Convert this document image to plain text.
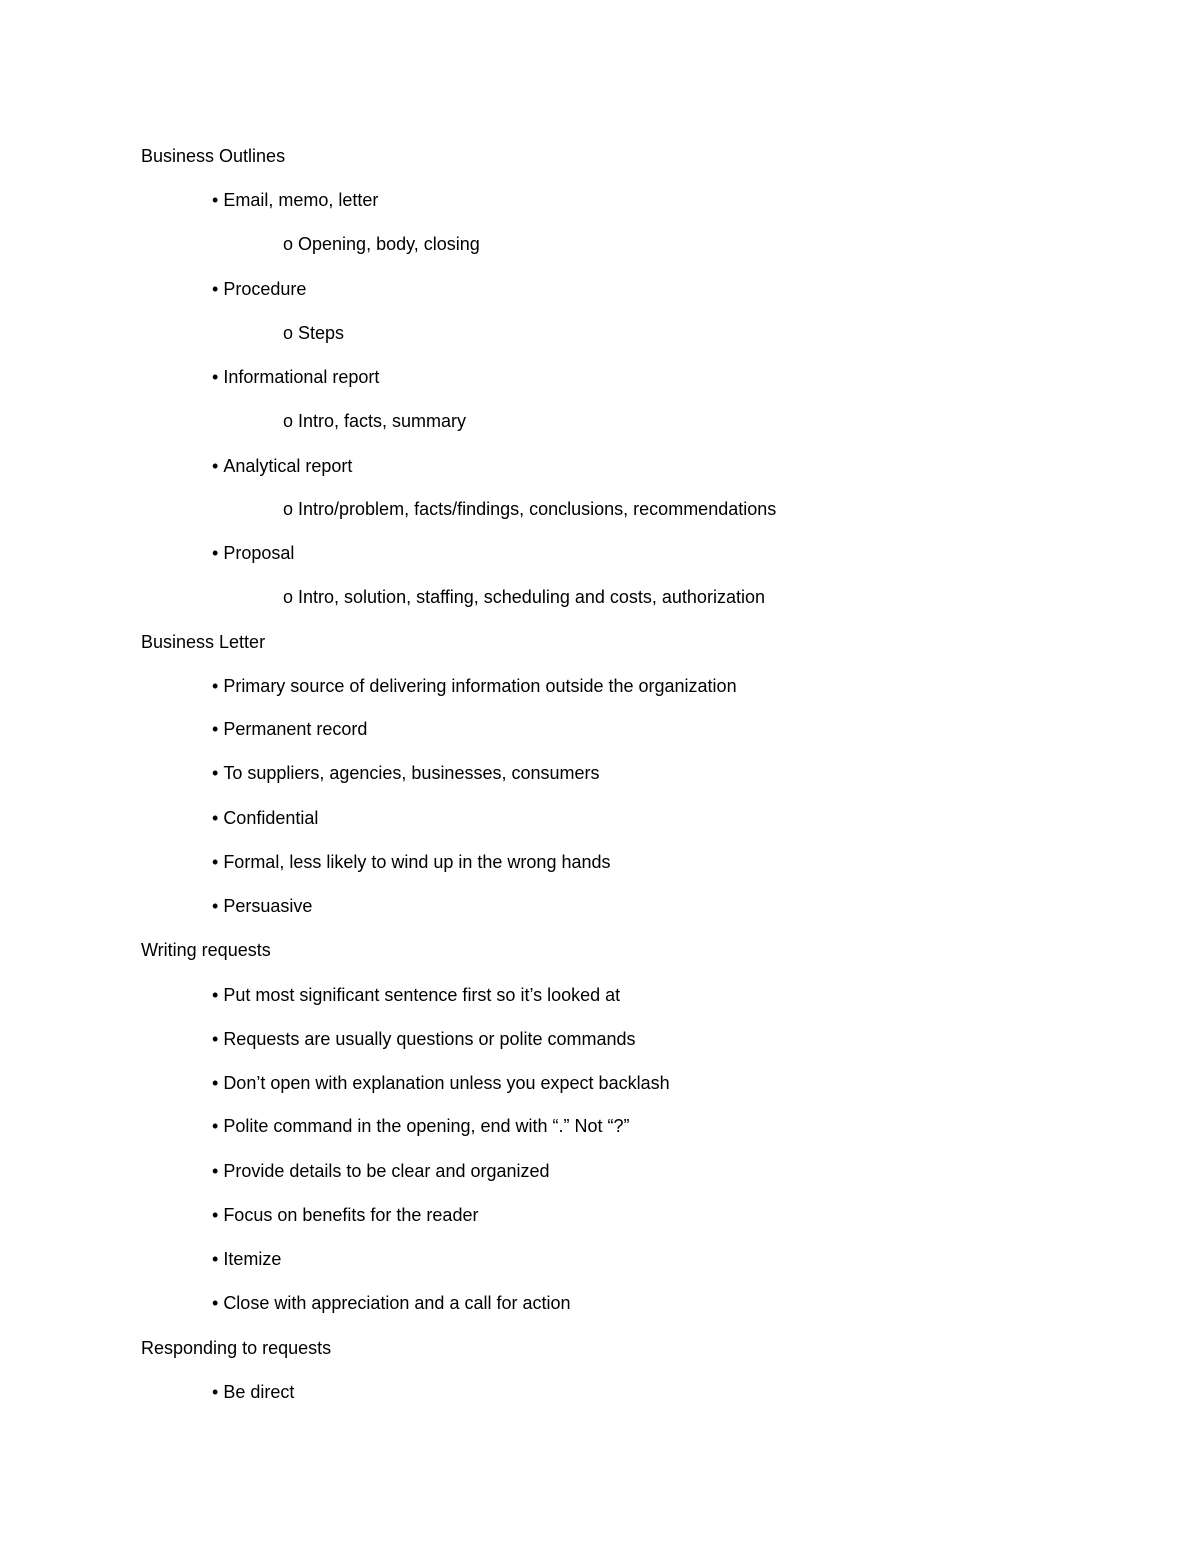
Business Outlines
• Email, memo, letter
o Opening, body, closing
• Procedure
o Steps
• Informational report
o Intro, facts, summary
• Analytical report
o Intro/problem, facts/findings, conclusions, recommendations
• Proposal
o Intro, solution, staffing, scheduling and costs, authorization
Business Letter
• Primary source of delivering information outside the organization
• Permanent record
• To suppliers, agencies, businesses, consumers
• Confidential
• Formal, less likely to wind up in the wrong hands
• Persuasive
Writing requests
• Put most significant sentence first so it’s looked at
• Requests are usually questions or polite commands
• Don’t open with explanation unless you expect backlash
• Polite command in the opening, end with “.” Not “?”
• Provide details to be clear and organized
• Focus on benefits for the reader
• Itemize
• Close with appreciation and a call for action
Responding to requests
• Be direct
